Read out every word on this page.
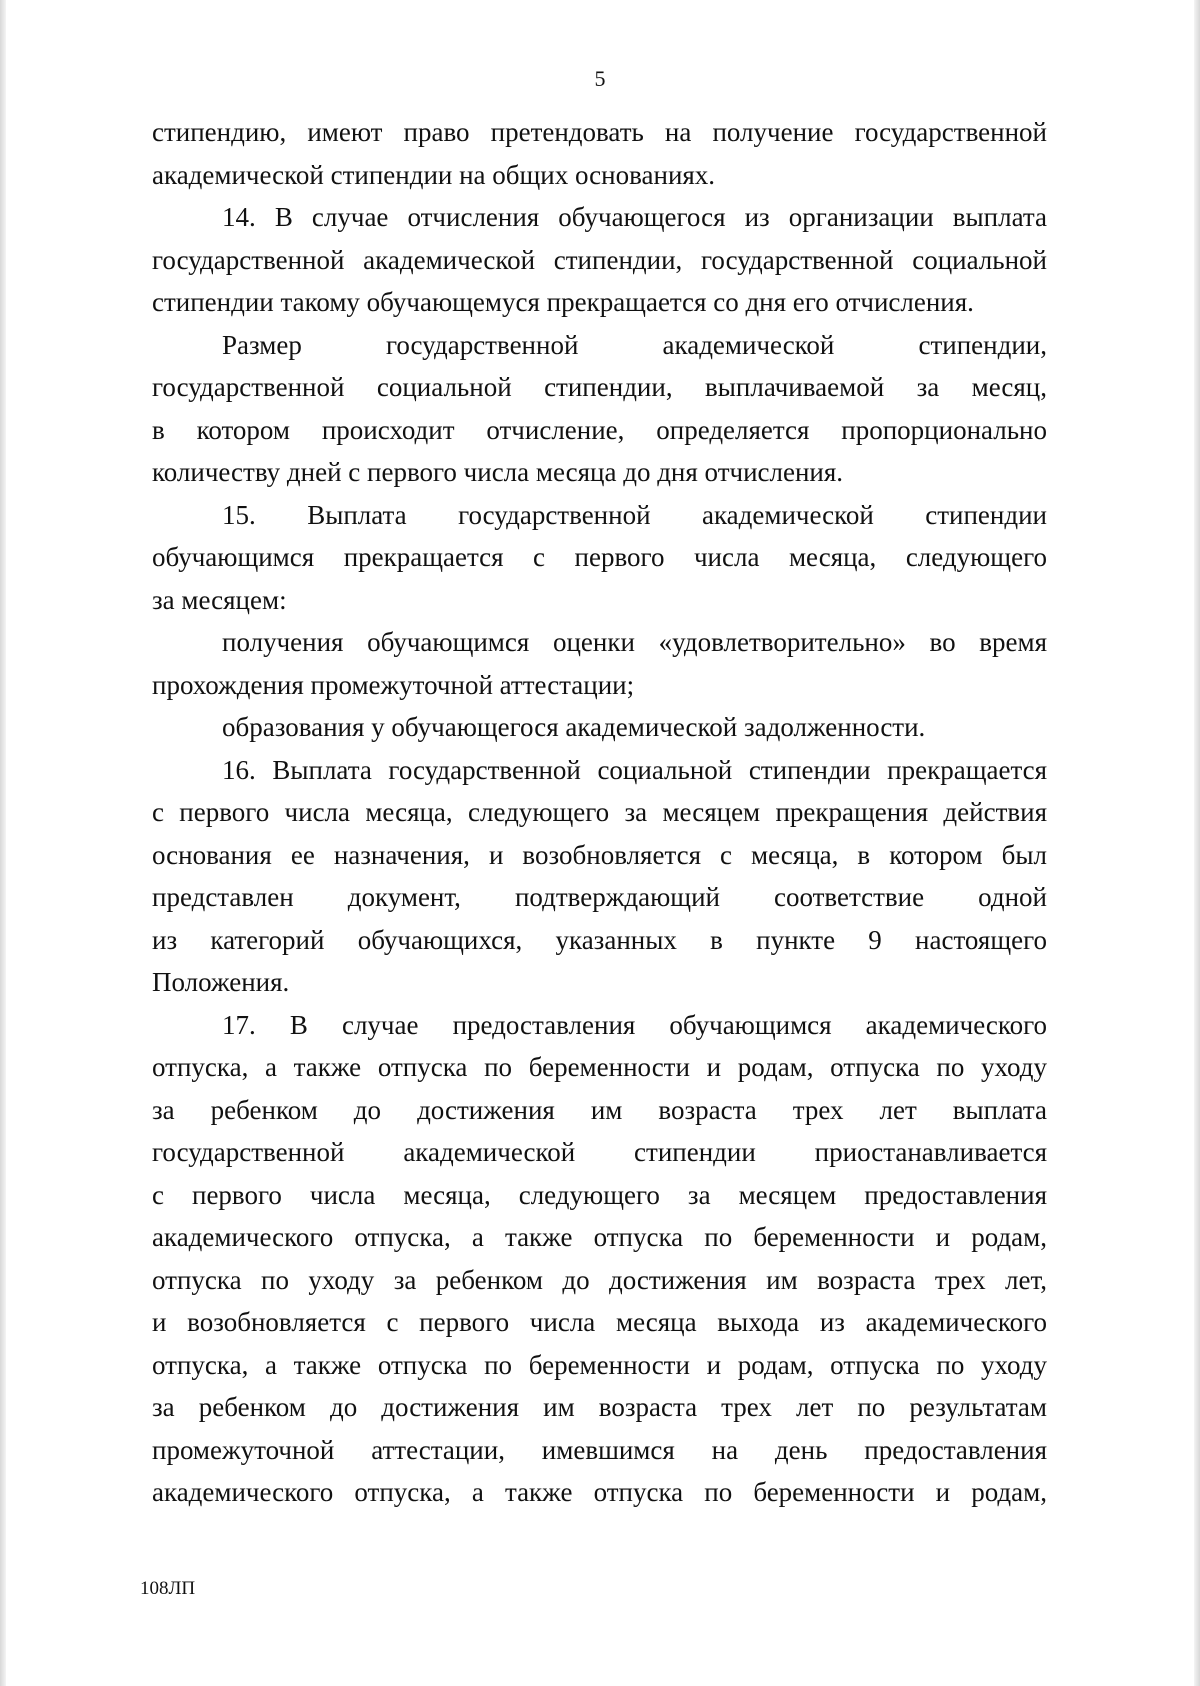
5
стипендию, имеют право претендовать на получение государственной
академической стипендии на общих основаниях.
14. В случае отчисления обучающегося из организации выплата
государственной академической стипендии, государственной социальной
стипендии такому обучающемуся прекращается со дня его отчисления.
Размер государственной академической стипендии,
государственной социальной стипендии, выплачиваемой за месяц,
в котором происходит отчисление, определяется пропорционально
количеству дней с первого числа месяца до дня отчисления.
15. Выплата государственной академической стипендии
обучающимся прекращается с первого числа месяца, следующего
за месяцем:
получения обучающимся оценки «удовлетворительно» во время
прохождения промежуточной аттестации;
образования у обучающегося академической задолженности.
16. Выплата государственной социальной стипендии прекращается
с первого числа месяца, следующего за месяцем прекращения действия
основания ее назначения, и возобновляется с месяца, в котором был
представлен документ, подтверждающий соответствие одной
из категорий обучающихся, указанных в пункте 9 настоящего
Положения.
17. В случае предоставления обучающимся академического
отпуска, а также отпуска по беременности и родам, отпуска по уходу
за ребенком до достижения им возраста трех лет выплата
государственной академической стипендии приостанавливается
с первого числа месяца, следующего за месяцем предоставления
академического отпуска, а также отпуска по беременности и родам,
отпуска по уходу за ребенком до достижения им возраста трех лет,
и возобновляется с первого числа месяца выхода из академического
отпуска, а также отпуска по беременности и родам, отпуска по уходу
за ребенком до достижения им возраста трех лет по результатам
промежуточной аттестации, имевшимся на день предоставления
академического отпуска, а также отпуска по беременности и родам,
108ЛП
